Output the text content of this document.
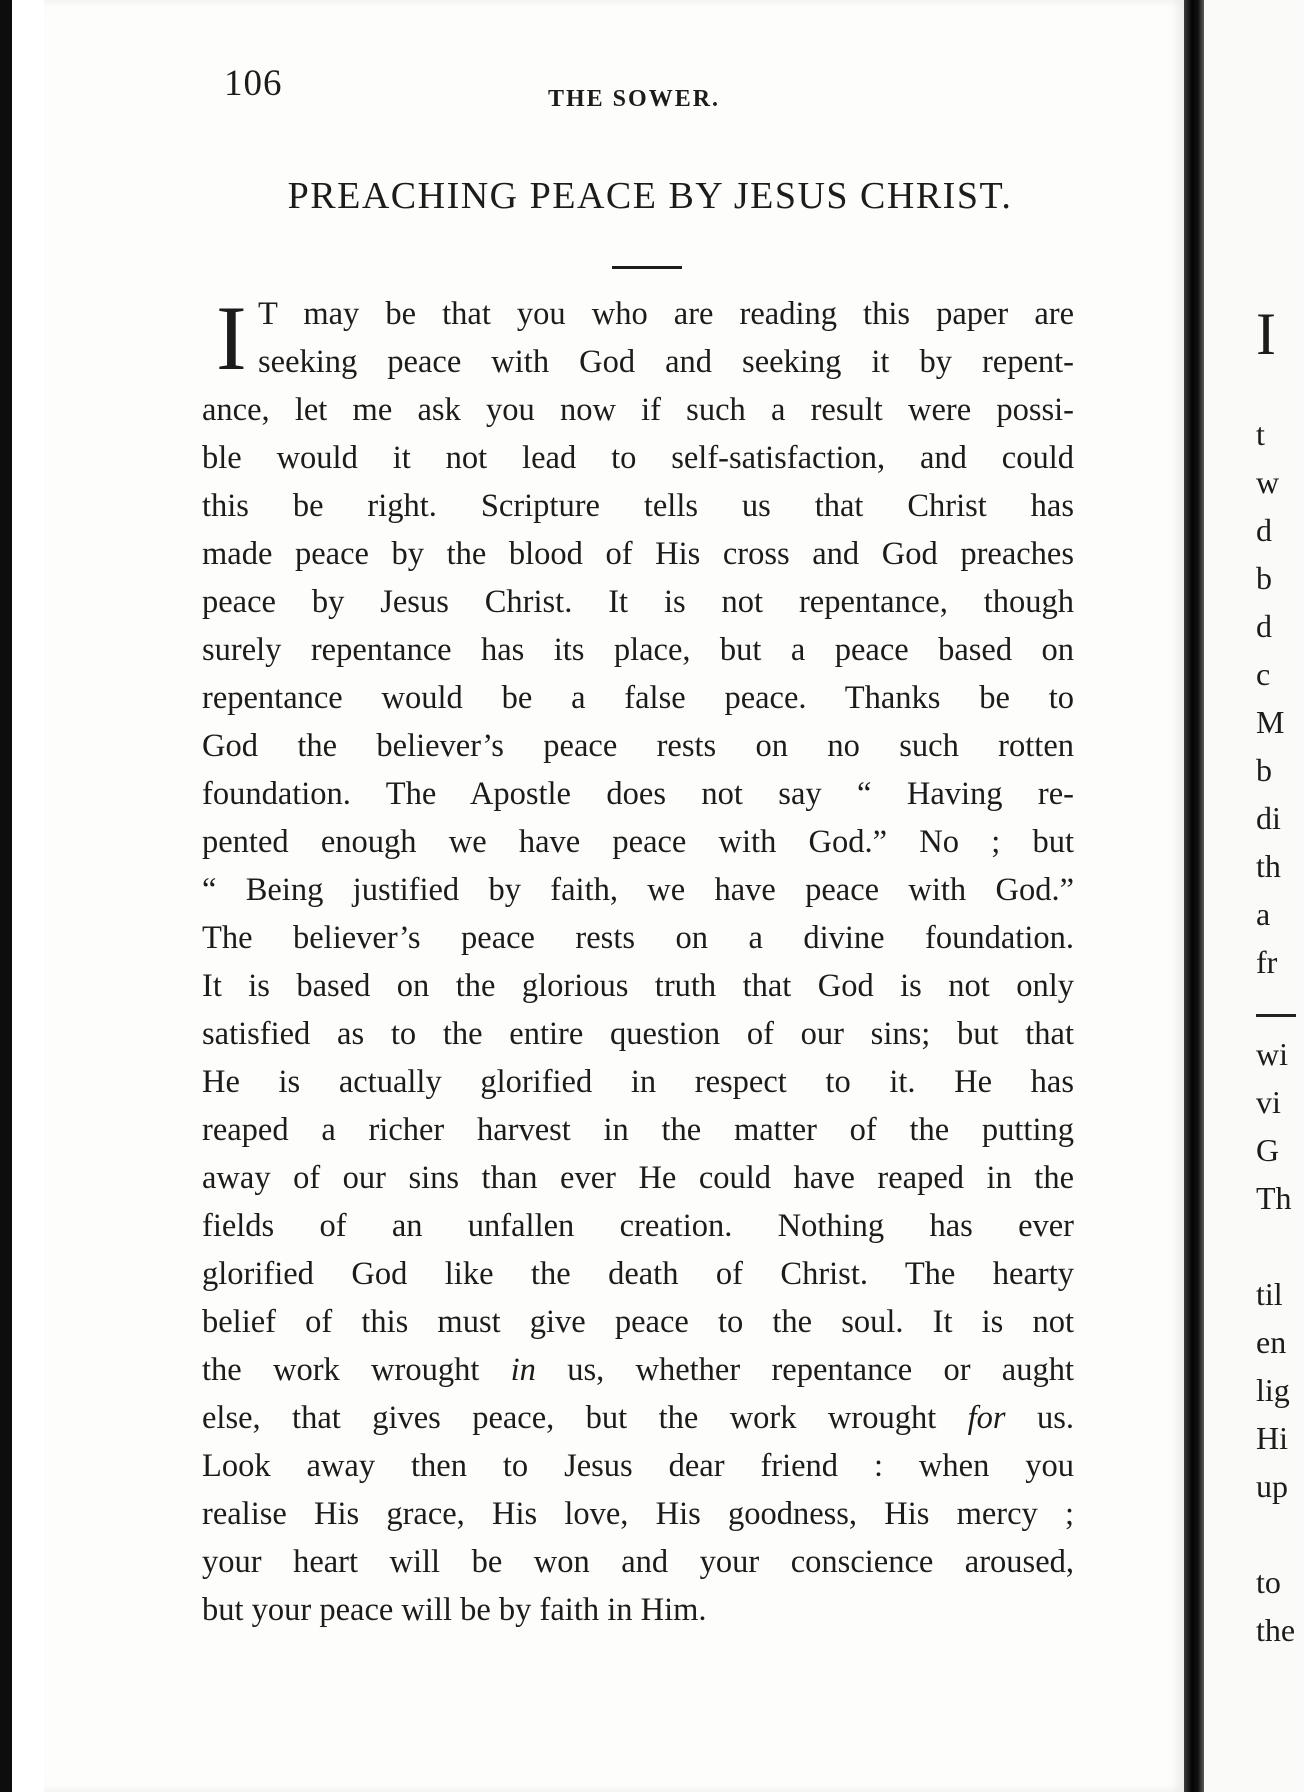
106	THE SOWER.
PREACHING PEACE BY JESUS CHRIST.
I T may be that you who are reading this paper are
seeking peace with God and seeking it by repent-
ance, let me ask you now if such a result were possi-
ble would it not lead to self-satisfaction, and could
this be right. Scripture tells us that Christ has
made peace by the blood of His cross and God preaches
peace by Jesus Christ. It is not repentance, though
surely repentance has its place, but a peace based on
repentance would be a false peace. Thanks be to
God the believer’s peace rests on no such rotten
foundation. The Apostle does not say “ Having re-
pented enough we have peace with God.” No ; but
“ Being justified by faith, we have peace with God.”
The believer’s peace rests on a divine foundation.
It is based on the glorious truth that God is not only
satisfied as to the entire question of our sins; but that
He is actually glorified in respect to it. He has
reaped a richer harvest in the matter of the putting
away of our sins than ever He could have reaped in the
fields of an unfallen creation. Nothing has ever
glorified God like the death of Christ. The hearty
belief of this must give peace to the soul. It is not
the work wrought in us, whether repentance or aught
else, that gives peace, but the work wrought for us.
Look away then to Jesus dear friend : when you
realise His grace, His love, His goodness, His mercy ;
your heart will be won and your conscience aroused,
but your peace will be by faith in Him.
I
t
w
d
b
d
c
M
b
di
th
a
fr
wi
vi
G
Th
til
en
lig
Hi
up
to
the
